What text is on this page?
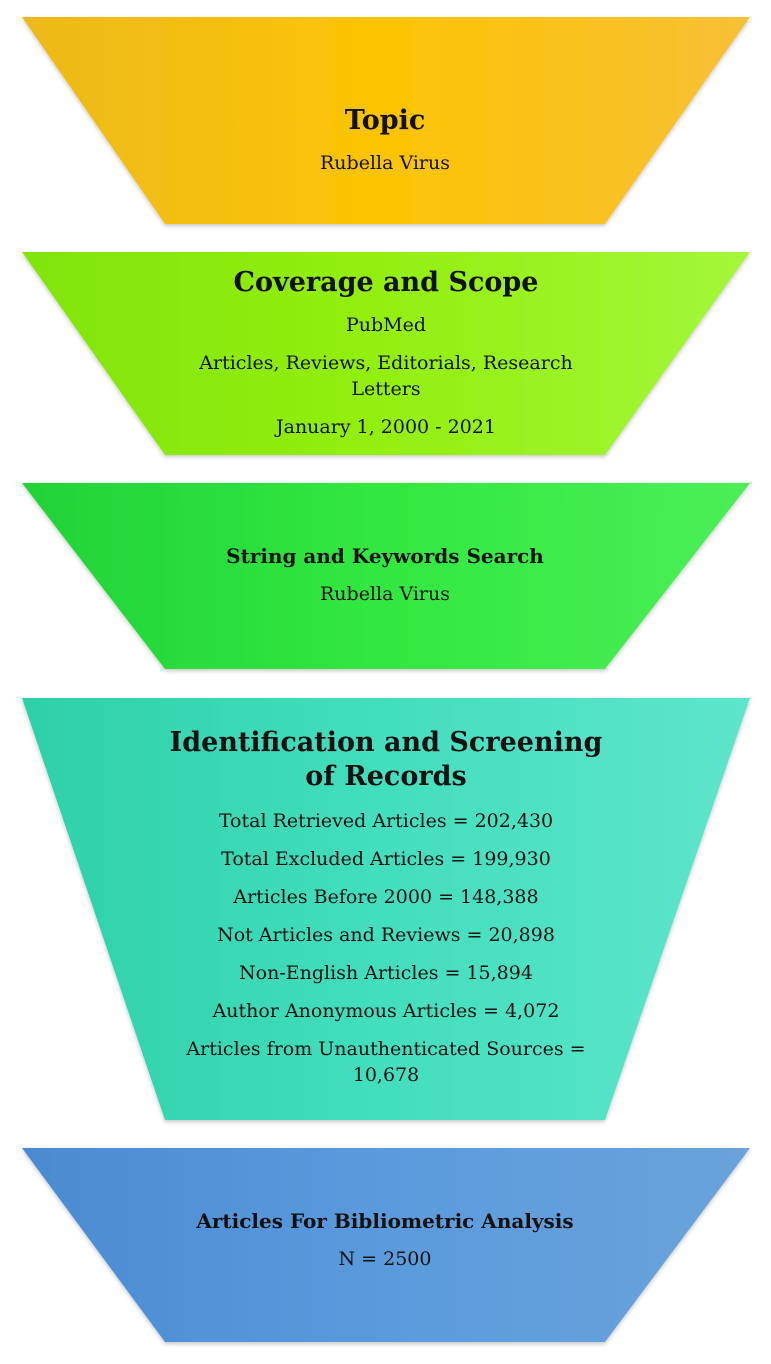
Topic

Rubella Virus

Coverage and Scope

PubMed

Articles, Reviews, Editorials, Research Letters

January 1, 2000 - 2021

String and Keywords Search

Rubella Virus

Identification and Screening of Records

Total Retrieved Articles = 202,430

Total Excluded Articles = 199,930

Articles Before 2000 = 148,388

Not Articles and Reviews = 20,898

Non-English Articles = 15,894

Author Anonymous Articles = 4,072

Articles from Unauthenticated Sources = 10,678

Articles For Bibliometric Analysis

N = 2500
